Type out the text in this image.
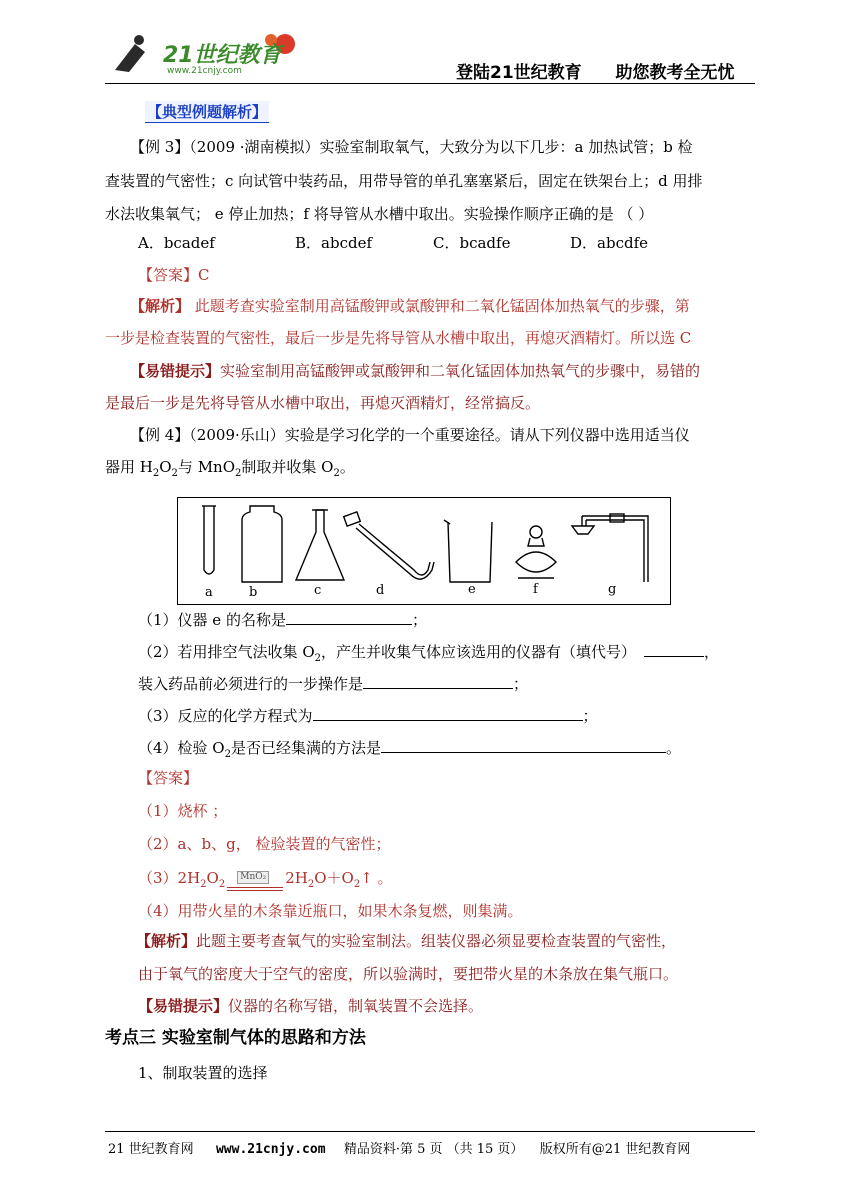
21世纪教育
www.21cnjy.com	登陆21世纪教育 助您教考全无忧
【典型例题解析】
【例 3】（2009 ·湖南模拟）实验室制取氧气，大致分为以下几步：a 加热试管；b 检
查装置的气密性；c 向试管中装药品，用带导管的单孔塞塞紧后，固定在铁架台上；d 用排
水法收集氧气； e 停止加热；f 将导管从水槽中取出。实验操作顺序正确的是 （ ）
A．bcadef	B．abcdef	C．bcadfe	D．abcdfe
【答案】C
【解析】 此题考查实验室制用高锰酸钾或氯酸钾和二氧化锰固体加热氧气的步骤，第
一步是检查装置的气密性，最后一步是先将导管从水槽中取出，再熄灭酒精灯。所以选 C
【易错提示】实验室制用高锰酸钾或氯酸钾和二氧化锰固体加热氧气的步骤中，易错的
是最后一步是先将导管从水槽中取出，再熄灭酒精灯，经常搞反。
【例 4】（2009·乐山）实验是学习化学的一个重要途径。请从下列仪器中选用适当仪
器用 $H_2O_2$与 MnO$_2$制取并收集 $O_2$。
a	b	c	d	e	f	g
（1）仪器 e 的名称是	；
（2）若用排空气法收集 $O_2$，产生并收集气体应该选用的仪器有（填代号）	，
装入药品前必须进行的一步操作是	；
（3）反应的化学方程式为	；
（4）检验 $O_2$是否已经集满的方法是	。
【答案】
（1）烧杯 ；
（2）a、b、g， 检验装置的气密性；
$(3)2H_2O_2$
MnO₂ $2H_2O+O_2↑$ 。
（4）用带火星的木条靠近瓶口，如果木条复燃，则集满。
【解析】此题主要考查氧气的实验室制法。组装仪器必须显要检查装置的气密性，
由于氧气的密度大于空气的密度，所以验满时，要把带火星的木条放在集气瓶口。
【易错提示】仪器的名称写错，制氧装置不会选择。
考点三 实验室制气体的思路和方法
1、制取装置的选择
21 世纪教育网 www.21cnjy.com 精品资料·第 5 页 （共 15 页） 版权所有@21 世纪教育网
